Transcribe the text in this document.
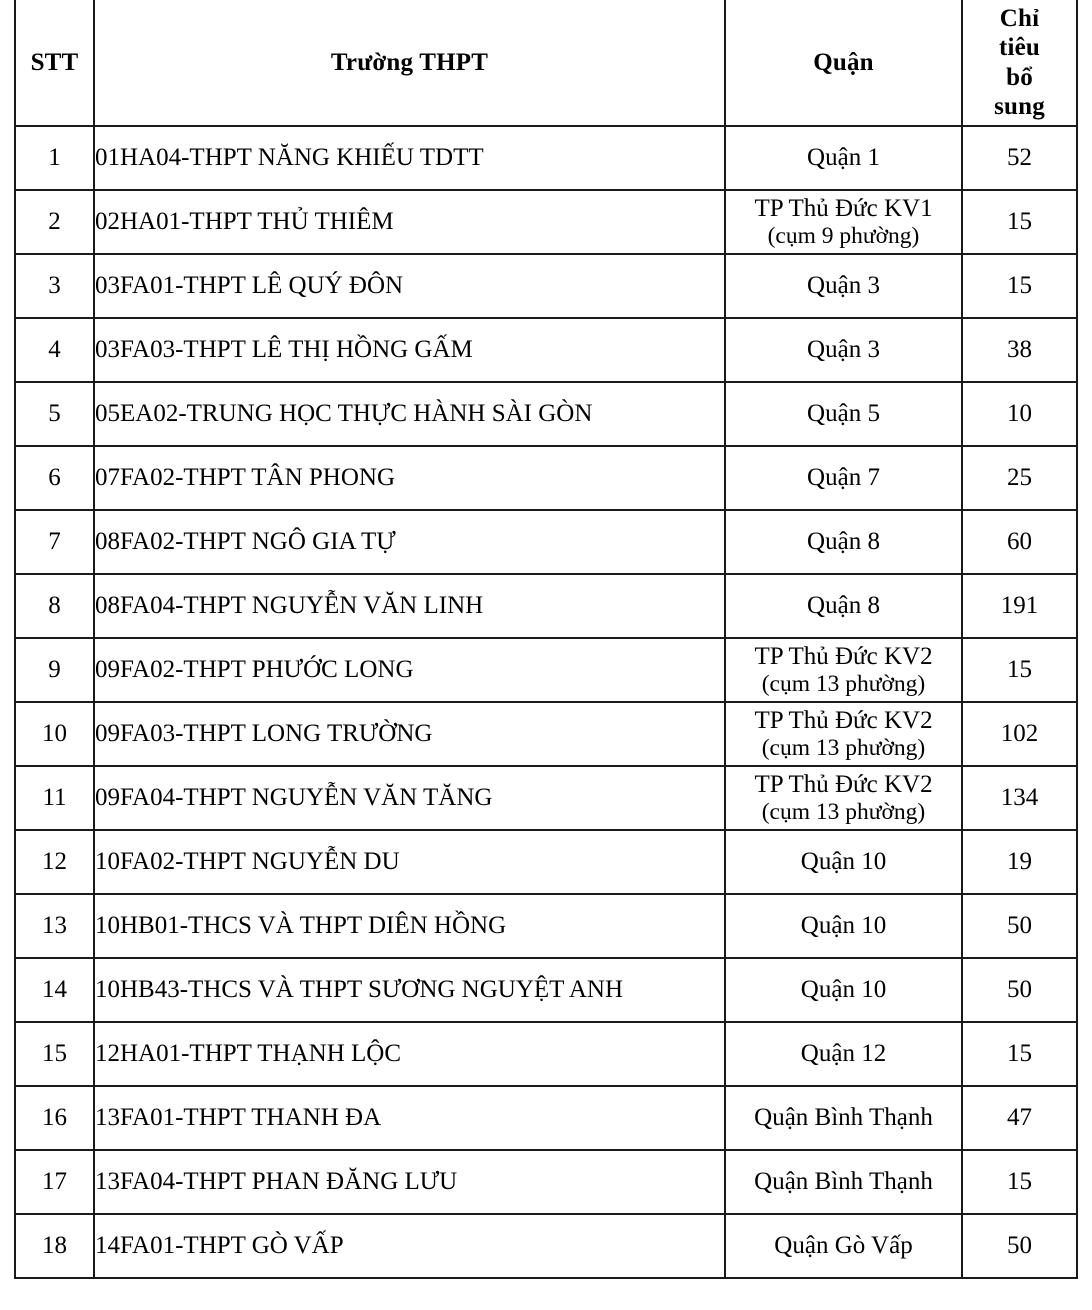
STT	Trường THPT	Quận	Chỉ
tiêu
bổ
sung

1	01HA04-THPT NĂNG KHIẾU TDTT	Quận 1	52
2	02HA01-THPT THỦ THIÊM	TP Thủ Đức KV1
(cụm 9 phường)	15
3	03FA01-THPT LÊ QUÝ ĐÔN	Quận 3	15
4	03FA03-THPT LÊ THỊ HỒNG GẤM	Quận 3	38
5	05EA02-TRUNG HỌC THỰC HÀNH SÀI GÒN	Quận 5	10
6	07FA02-THPT TÂN PHONG	Quận 7	25
7	08FA02-THPT NGÔ GIA TỰ	Quận 8	60
8	08FA04-THPT NGUYỄN VĂN LINH	Quận 8	191
9	09FA02-THPT PHƯỚC LONG	TP Thủ Đức KV2
(cụm 13 phường)	15
10	09FA03-THPT LONG TRƯỜNG	TP Thủ Đức KV2
(cụm 13 phường)	102
11	09FA04-THPT NGUYỄN VĂN TĂNG	TP Thủ Đức KV2
(cụm 13 phường)	134
12	10FA02-THPT NGUYỄN DU	Quận 10	19
13	10HB01-THCS VÀ THPT DIÊN HỒNG	Quận 10	50
14	10HB43-THCS VÀ THPT SƯƠNG NGUYỆT ANH	Quận 10	50
15	12HA01-THPT THẠNH LỘC	Quận 12	15
16	13FA01-THPT THANH ĐA	Quận Bình Thạnh	47
17	13FA04-THPT PHAN ĐĂNG LƯU	Quận Bình Thạnh	15
18	14FA01-THPT GÒ VẤP	Quận Gò Vấp	50
